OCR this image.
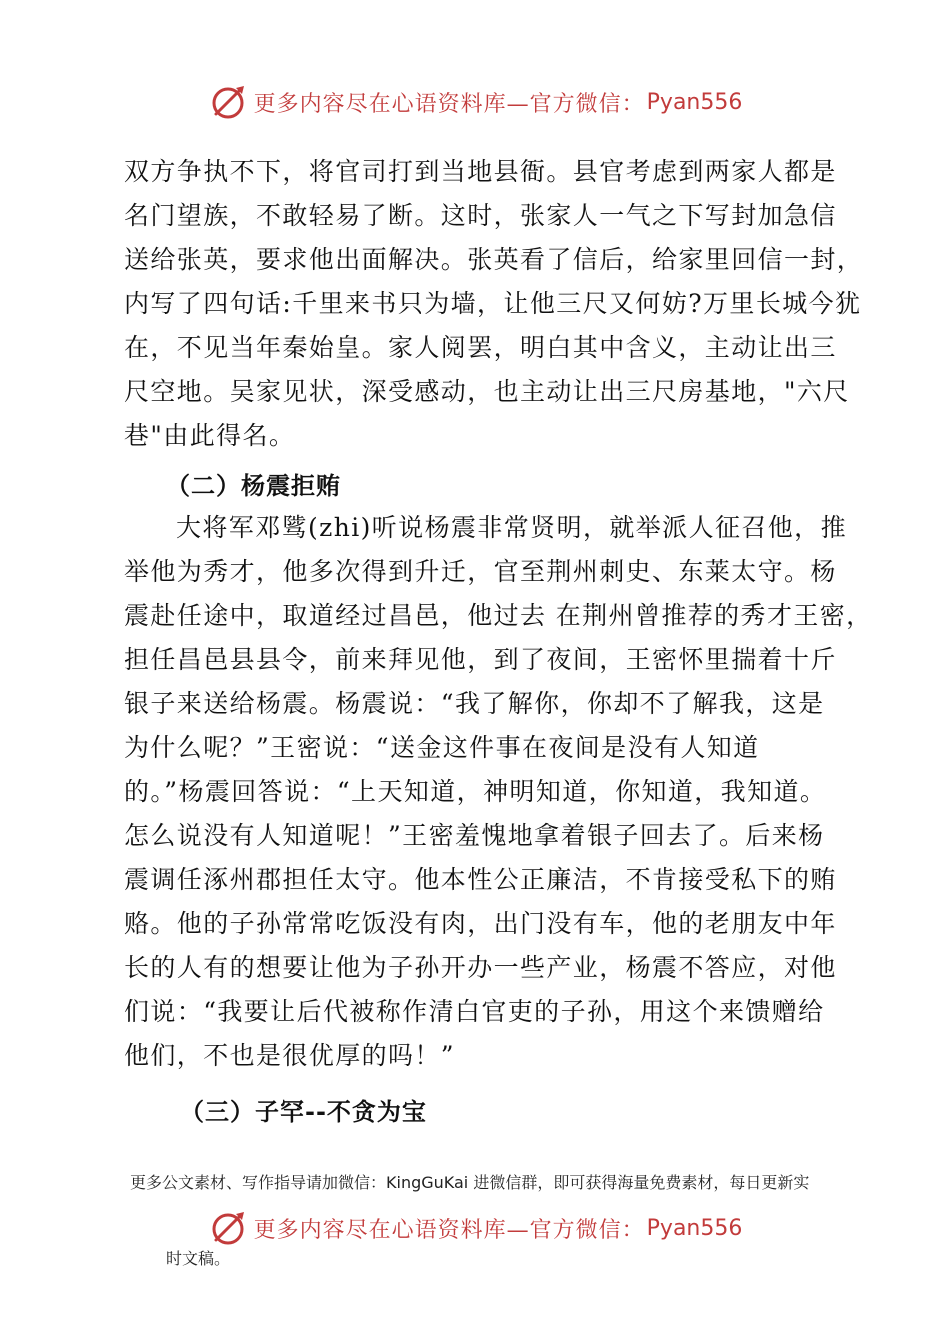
更多内容尽在心语资料库—官方微信： Pyan556
双方争执不下，将官司打到当地县衙。县官考虑到两家人都是
名门望族，不敢轻易了断。这时，张家人一气之下写封加急信
送给张英，要求他出面解决。张英看了信后，给家里回信一封，
内写了四句话:千里来书只为墙，让他三尺又何妨?万里长城今犹
在，不见当年秦始皇。家人阅罢，明白其中含义，主动让出三
尺空地。吴家见状，深受感动，也主动让出三尺房基地，"六尺
巷"由此得名。
（二）杨震拒贿
大将军邓骘(zhi)听说杨震非常贤明，就举派人征召他，推
举他为秀才，他多次得到升迁，官至荆州刺史、东莱太守。杨
震赴任途中，取道经过昌邑，他过去 在荆州曾推荐的秀才王密，
担任昌邑县县令，前来拜见他，到了夜间，王密怀里揣着十斤
银子来送给杨震。杨震说：“我了解你，你却不了解我，这是
为什么呢？”王密说：“送金这件事在夜间是没有人知道
的。”杨震回答说：“上天知道，神明知道，你知道，我知道。
怎么说没有人知道呢！”王密羞愧地拿着银子回去了。后来杨
震调任涿州郡担任太守。他本性公正廉洁，不肯接受私下的贿
赂。他的子孙常常吃饭没有肉，出门没有车，他的老朋友中年
长的人有的想要让他为子孙开办一些产业，杨震不答应，对他
们说：“我要让后代被称作清白官吏的子孙，用这个来馈赠给
他们，不也是很优厚的吗！”
（三）子罕--不贪为宝
更多公文素材、写作指导请加微信：KingGuKai 进微信群，即可获得海量免费素材，每日更新实
更多内容尽在心语资料库—官方微信： Pyan556
时文稿。
